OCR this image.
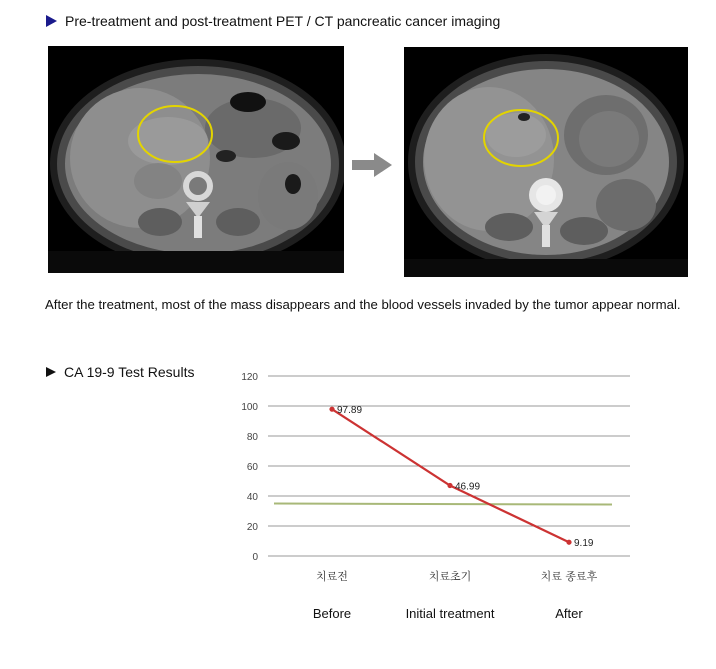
Pre-treatment and post-treatment PET / CT pancreatic cancer imaging
After the treatment, most of the mass disappears and the blood vessels invaded by the tumor appear normal.
CA 19-9 Test Results
0
20
40
60
80
100
120
97.89
46.99
9.19
치료전	치료초기	치료 종료후
Before	Initial treatment	After
